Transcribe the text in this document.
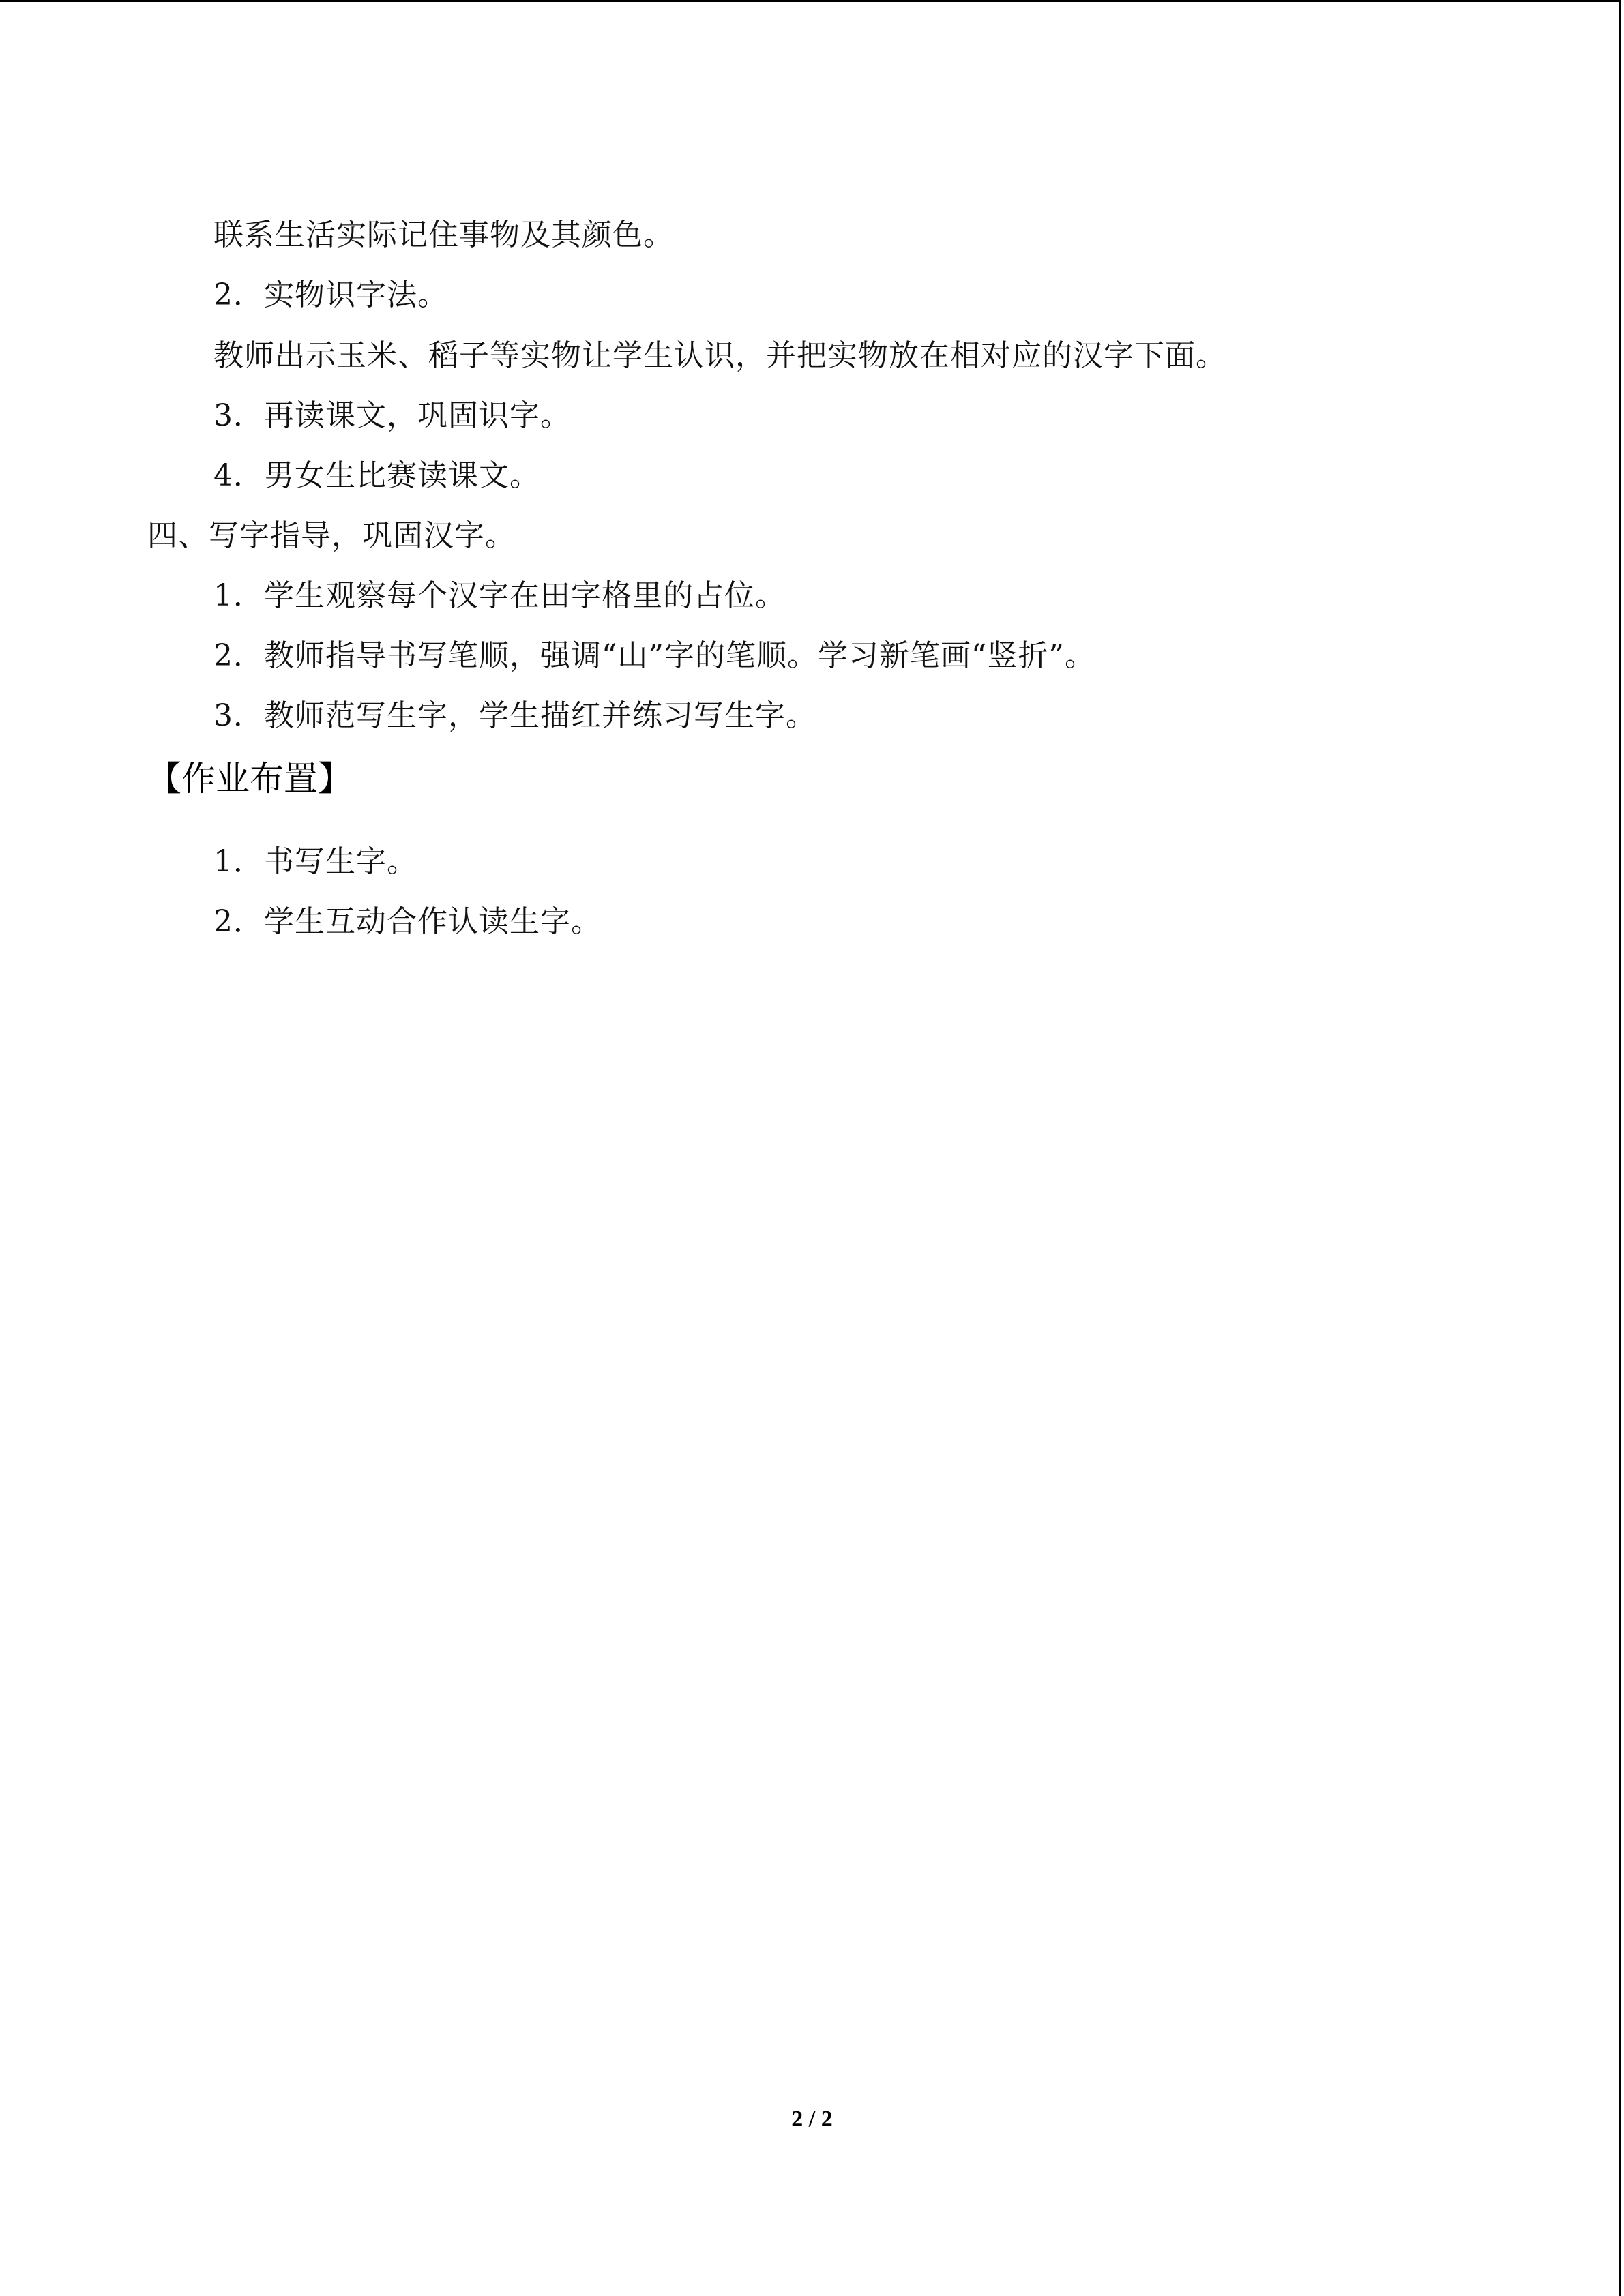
联系生活实际记住事物及其颜色。
2．实物识字法。
教师出示玉米、稻子等实物让学生认识，并把实物放在相对应的汉字下面。
3．再读课文，巩固识字。
4．男女生比赛读课文。
四、写字指导，巩固汉字。
1．学生观察每个汉字在田字格里的占位。
2．教师指导书写笔顺，强调“山”字的笔顺。学习新笔画“竖折”。
3．教师范写生字，学生描红并练习写生字。
【作业布置】
1．书写生字。
2．学生互动合作认读生字。
2 / 2
